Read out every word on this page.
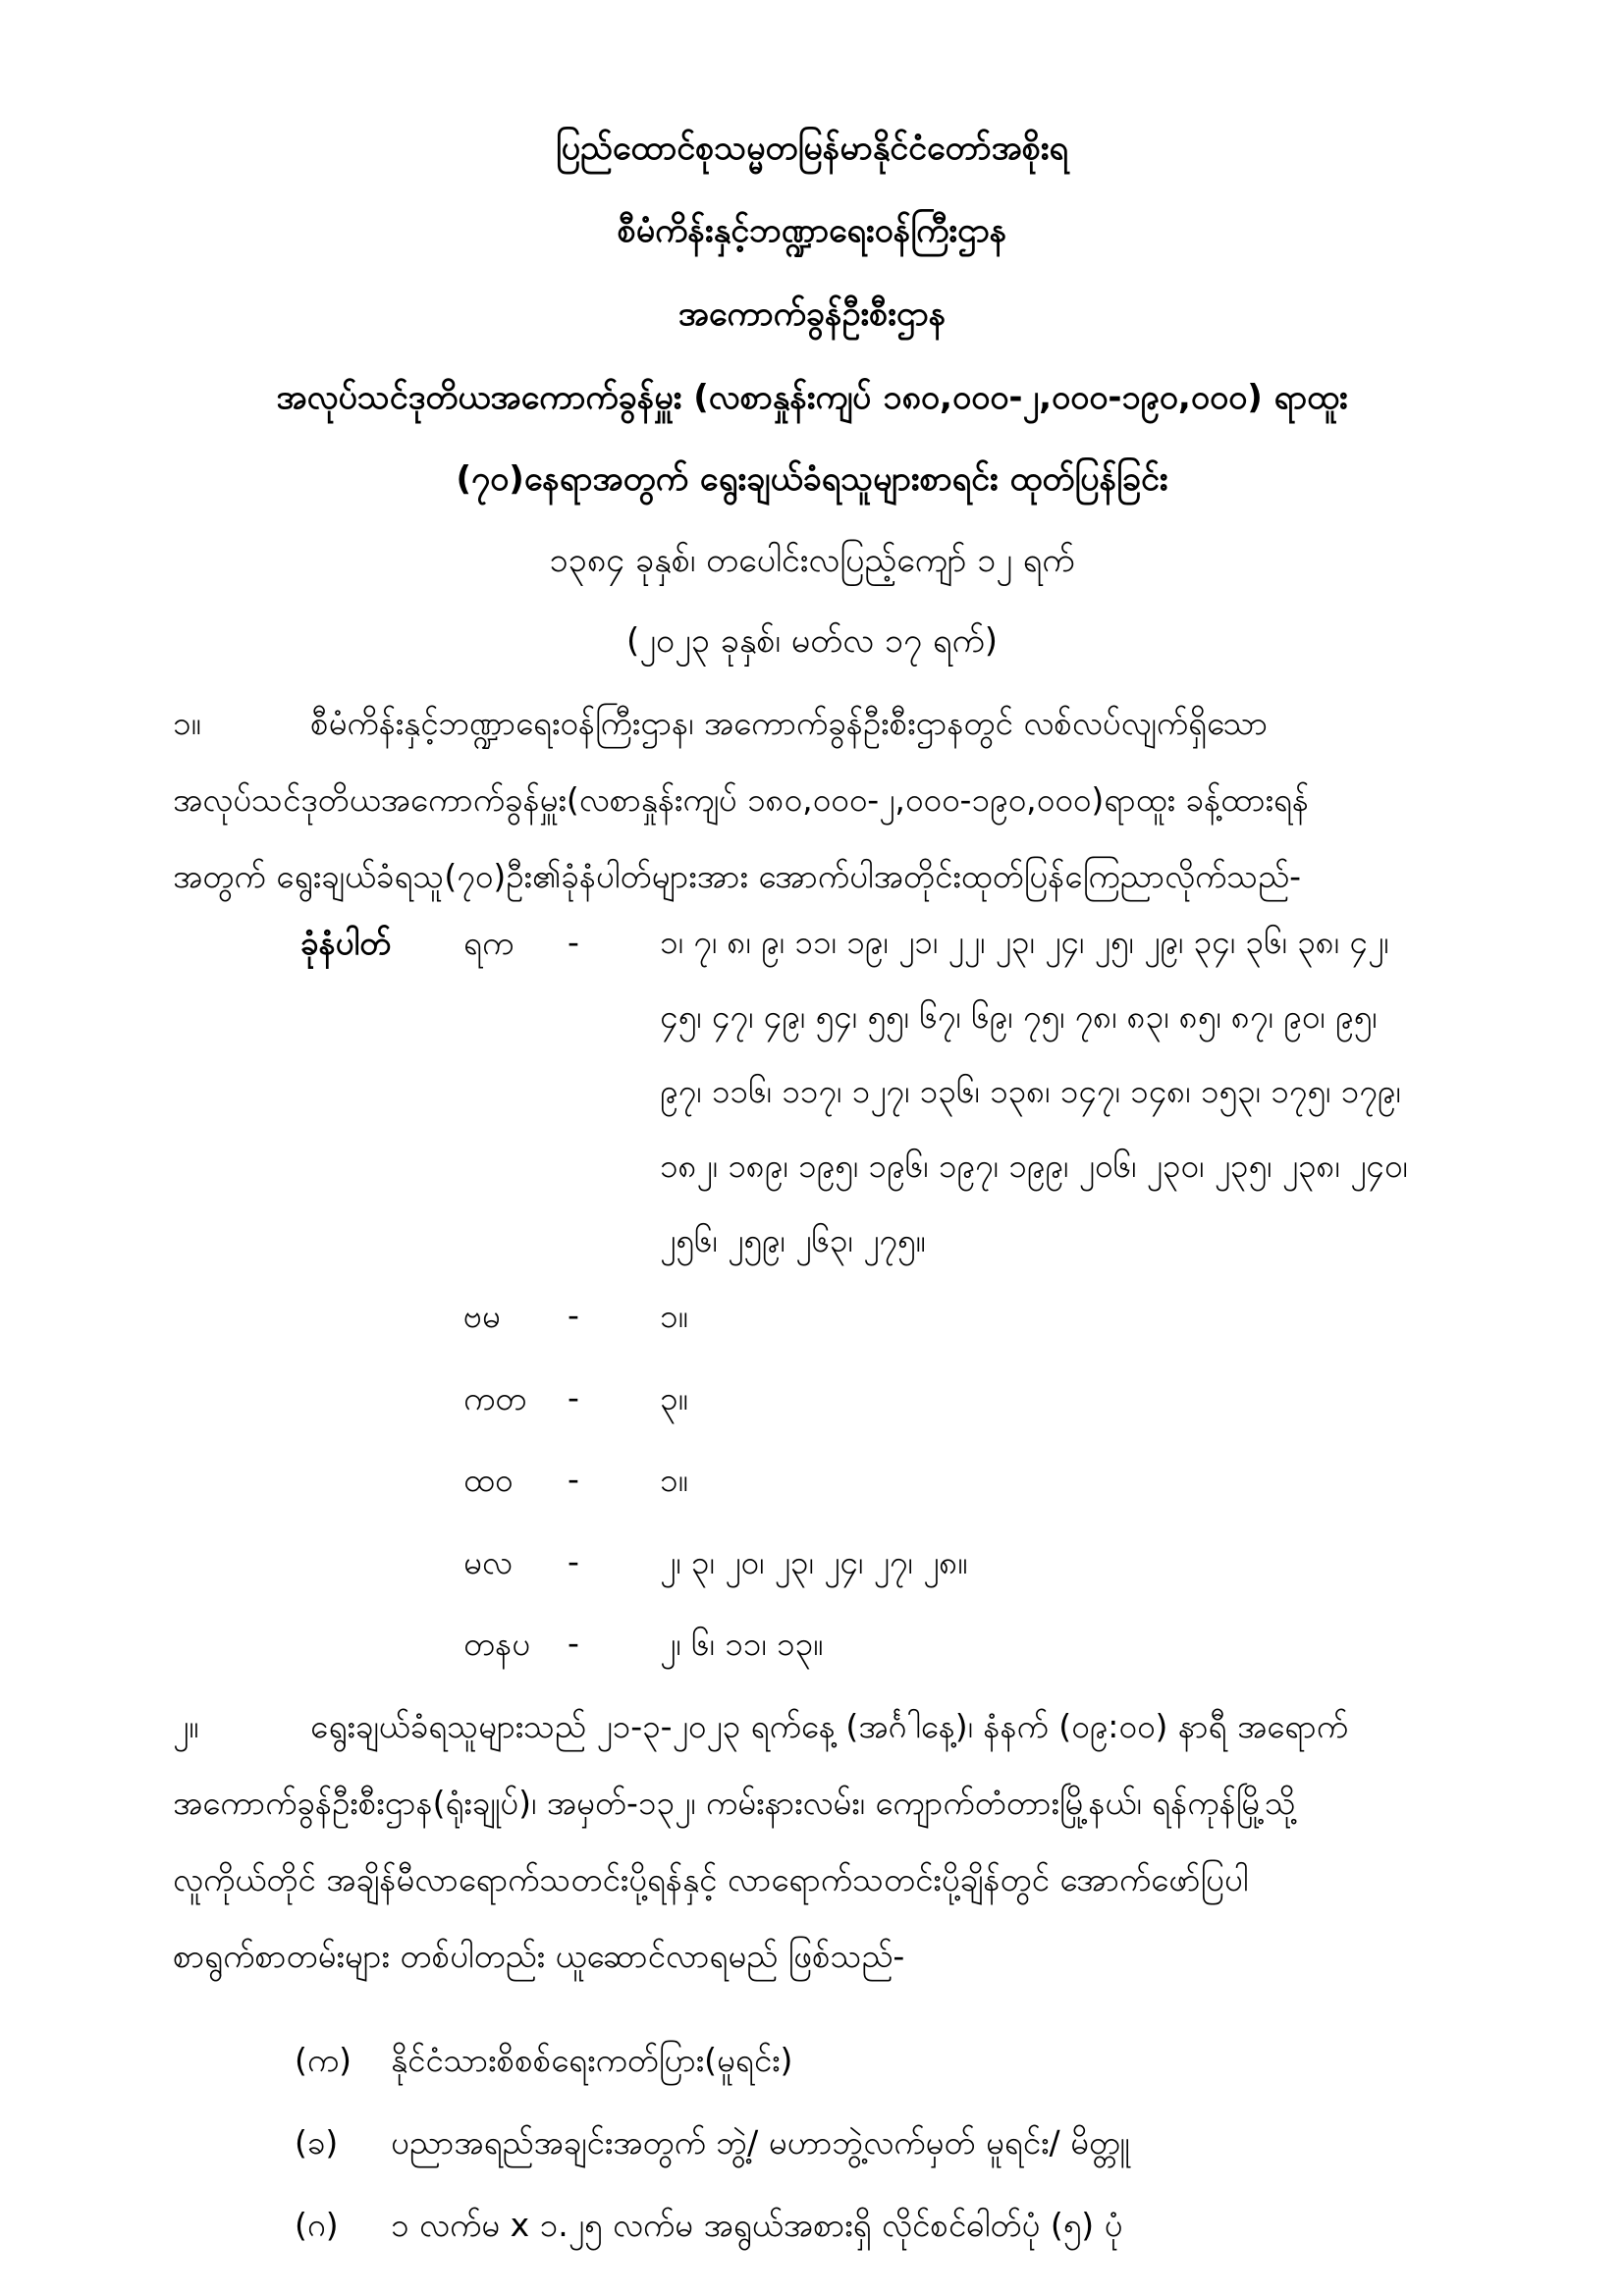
ပြည်ထောင်စုသမ္မတမြန်မာနိုင်ငံတော်အစိုးရ
စီမံကိန်းနှင့်ဘဏ္ဍာရေးဝန်ကြီးဌာန
အကောက်ခွန်ဦးစီးဌာန
အလုပ်သင်ဒုတိယအကောက်ခွန်မှူး (လစာနှုန်းကျပ် ၁၈၀,၀၀၀-၂,၀၀၀-၁၉၀,၀၀၀) ရာထူး
(၇၀)နေရာအတွက် ရွေးချယ်ခံရသူများစာရင်း ထုတ်ပြန်ခြင်း
၁၃၈၄ ခုနှစ်၊ တပေါင်းလပြည့်ကျော် ၁၂ ရက်
(၂၀၂၃ ခုနှစ်၊ မတ်လ ၁၇ ရက်)
၁။	စီမံကိန်းနှင့်ဘဏ္ဍာရေးဝန်ကြီးဌာန၊ အကောက်ခွန်ဦးစီးဌာနတွင် လစ်လပ်လျက်ရှိသော
အလုပ်သင်ဒုတိယအကောက်ခွန်မှူး(လစာနှုန်းကျပ် ၁၈၀,၀၀၀-၂,၀၀၀-၁၉၀,၀၀၀)ရာထူး ခန့်ထားရန်
အတွက် ရွေးချယ်ခံရသူ(၇၀)ဦး၏ခုံနံပါတ်များအား အောက်ပါအတိုင်းထုတ်ပြန်ကြေညာလိုက်သည်-
ခုံနံပါတ် ရက - ၁၊ ၇၊ ၈၊ ၉၊ ၁၁၊ ၁၉၊ ၂၁၊ ၂၂၊ ၂၃၊ ၂၄၊ ၂၅၊ ၂၉၊ ၃၄၊ ၃၆၊ ၃၈၊ ၄၂၊
၄၅၊ ၄၇၊ ၄၉၊ ၅၄၊ ၅၅၊ ၆၇၊ ၆၉၊ ၇၅၊ ၇၈၊ ၈၃၊ ၈၅၊ ၈၇၊ ၉၀၊ ၉၅၊
၉၇၊ ၁၁၆၊ ၁၁၇၊ ၁၂၇၊ ၁၃၆၊ ၁၃၈၊ ၁၄၇၊ ၁၄၈၊ ၁၅၃၊ ၁၇၅၊ ၁၇၉၊
၁၈၂၊ ၁၈၉၊ ၁၉၅၊ ၁၉၆၊ ၁၉၇၊ ၁၉၉၊ ၂၀၆၊ ၂၃၀၊ ၂၃၅၊ ၂၃၈၊ ၂၄၀၊
၂၅၆၊ ၂၅၉၊ ၂၆၃၊ ၂၇၅။
ဗမ - ၁။
ကတ - ၃။
ထဝ - ၁။
မလ - ၂၊ ၃၊ ၂၀၊ ၂၃၊ ၂၄၊ ၂၇၊ ၂၈။
တနပ - ၂၊ ၆၊ ၁၁၊ ၁၃။
၂။	ရွေးချယ်ခံရသူများသည် ၂၁-၃-၂၀၂၃ ရက်နေ့ (အင်္ဂါနေ့)၊ နံနက် (၀၉:၀၀) နာရီ အရောက်
အကောက်ခွန်ဦးစီးဌာန(ရုံးချုပ်)၊ အမှတ်-၁၃၂၊ ကမ်းနားလမ်း၊ ကျောက်တံတားမြို့နယ်၊ ရန်ကုန်မြို့သို့
လူကိုယ်တိုင် အချိန်မီလာရောက်သတင်းပို့ရန်နှင့် လာရောက်သတင်းပို့ချိန်တွင် အောက်ဖော်ပြပါ
စာရွက်စာတမ်းများ တစ်ပါတည်း ယူဆောင်လာရမည် ဖြစ်သည်-
(က) နိုင်ငံသားစိစစ်ရေးကတ်ပြား(မူရင်း)
(ခ) ပညာအရည်အချင်းအတွက် ဘွဲ့/ မဟာဘွဲ့လက်မှတ် မူရင်း/ မိတ္တူ
(ဂ) ၁ လက်မ x ၁.၂၅ လက်မ အရွယ်အစားရှိ လိုင်စင်ဓါတ်ပုံ (၅) ပုံ
